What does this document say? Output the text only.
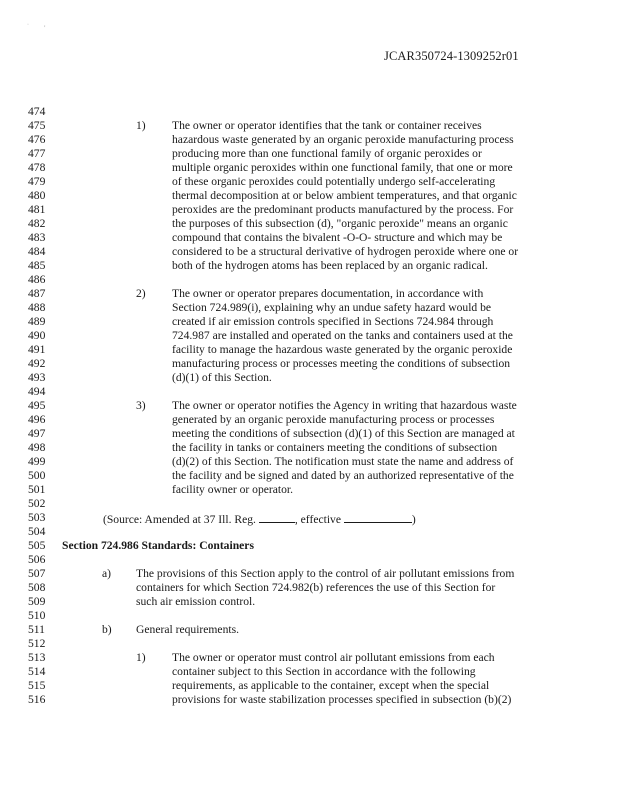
·          ,
JCAR350724-1309252r01
474
475
476
477
478
479
480
481
482
483
484
485
486
487
488
489
490
491
492
493
494
495
496
497
498
499
500
501
502
503
504
505
506
507
508
509
510
511
512
513
514
515
516
1) The owner or operator identifies that the tank or container receives
hazardous waste generated by an organic peroxide manufacturing process
producing more than one functional family of organic peroxides or
multiple organic peroxides within one functional family, that one or more
of these organic peroxides could potentially undergo self-accelerating
thermal decomposition at or below ambient temperatures, and that organic
peroxides are the predominant products manufactured by the process. For
the purposes of this subsection (d), "organic peroxide" means an organic
compound that contains the bivalent -O-O- structure and which may be
considered to be a structural derivative of hydrogen peroxide where one or
both of the hydrogen atoms has been replaced by an organic radical.
2) The owner or operator prepares documentation, in accordance with
Section 724.989(i), explaining why an undue safety hazard would be
created if air emission controls specified in Sections 724.984 through
724.987 are installed and operated on the tanks and containers used at the
facility to manage the hazardous waste generated by the organic peroxide
manufacturing process or processes meeting the conditions of subsection
(d)(1) of this Section.
3) The owner or operator notifies the Agency in writing that hazardous waste
generated by an organic peroxide manufacturing process or processes
meeting the conditions of subsection (d)(1) of this Section are managed at
the facility in tanks or containers meeting the conditions of subsection
(d)(2) of this Section. The notification must state the name and address of
the facility and be signed and dated by an authorized representative of the
facility owner or operator.
(Source: Amended at 37 Ill. Reg.	, effective	)
Section 724.986 Standards: Containers
a) The provisions of this Section apply to the control of air pollutant emissions from
containers for which Section 724.982(b) references the use of this Section for
such air emission control.
b) General requirements.
1) The owner or operator must control air pollutant emissions from each
container subject to this Section in accordance with the following
requirements, as applicable to the container, except when the special
provisions for waste stabilization processes specified in subsection (b)(2)
